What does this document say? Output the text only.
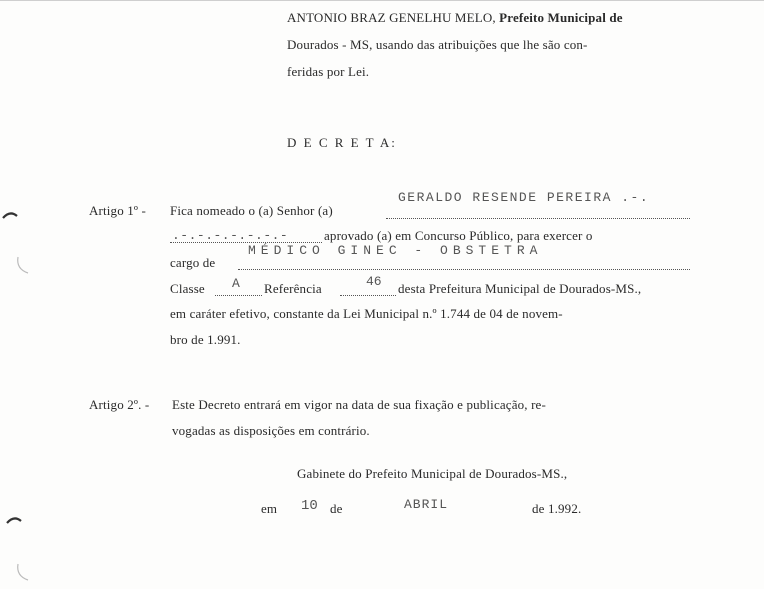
ANTONIO BRAZ GENELHU MELO, Prefeito Municipal de
Dourados - MS, usando das atribuições que lhe são con-
feridas por Lei.
D E C R E T A:
Artigo 1º - Fica nomeado o (a) Senhor (a)
GERALDO RESENDE PEREIRA .-.
.-.-.-.-.-.-.-	aprovado (a) em Concurso Público, para exercer o
cargo de
MÉDICO GINEC - OBSTETRA
Classe A Referência	46 desta Prefeitura Municipal de Dourados-MS.,
em caráter efetivo, constante da Lei Municipal n.º 1.744 de 04 de novem-
bro de 1.991.
Artigo 2º. - Este Decreto entrará em vigor na data de sua fixação e publicação, re-
vogadas as disposições em contrário.
Gabinete do Prefeito Municipal de Dourados-MS.,
em 10 de	ABRIL	de 1.992.
